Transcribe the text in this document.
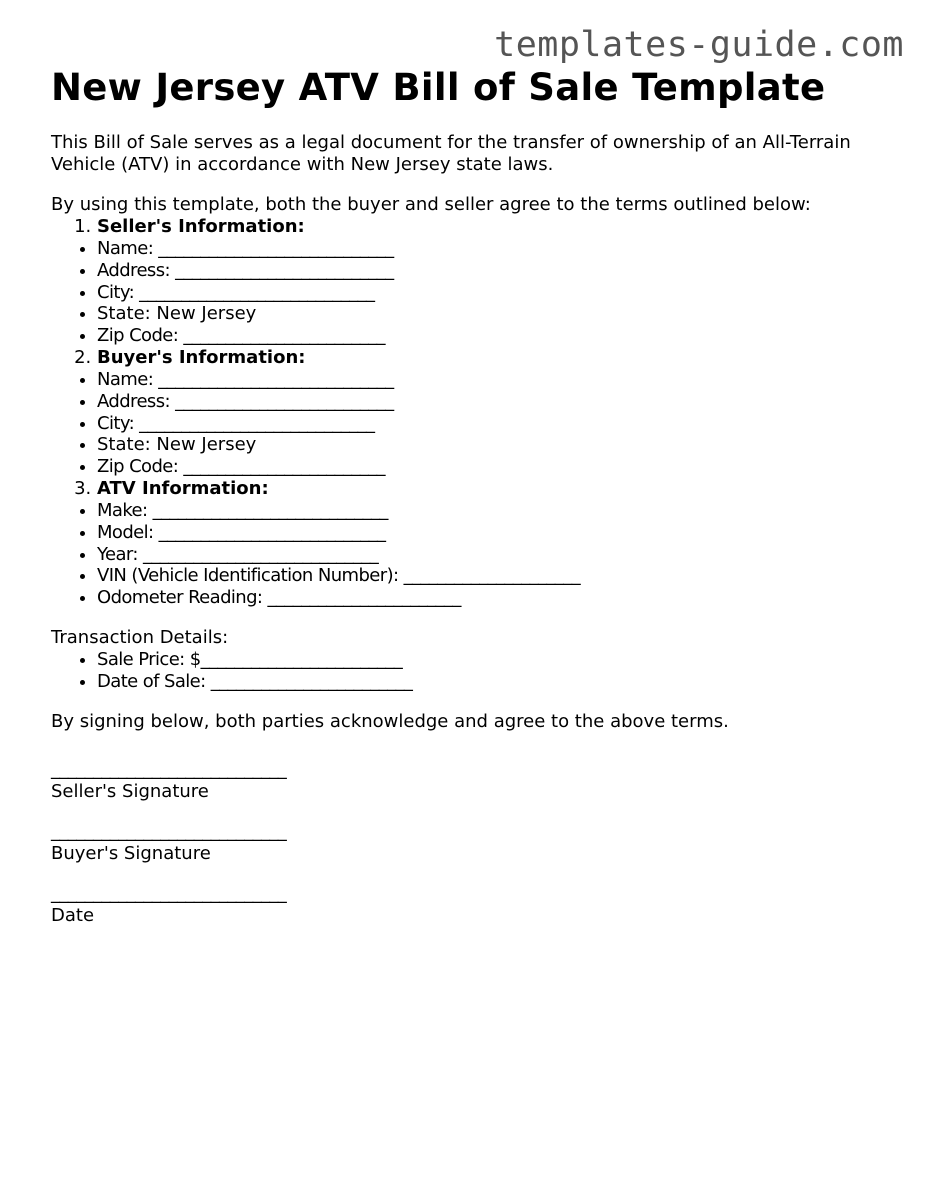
templates-guide.com
New Jersey ATV Bill of Sale Template

This Bill of Sale serves as a legal document for the transfer of ownership of an All-Terrain Vehicle (ATV) in accordance with New Jersey state laws.

By using this template, both the buyer and seller agree to the terms outlined below:

1. Seller's Information:
• Name: ____________________________
• Address: __________________________
• City: ____________________________
• State: New Jersey
• Zip Code: ________________________
2. Buyer's Information:
• Name: ____________________________
• Address: __________________________
• City: ____________________________
• State: New Jersey
• Zip Code: ________________________
3. ATV Information:
• Make: ____________________________
• Model: ___________________________
• Year: ____________________________
• VIN (Vehicle Identification Number): _____________________
• Odometer Reading: _______________________

Transaction Details:

• Sale Price: $________________________
• Date of Sale: ________________________

By signing below, both parties acknowledge and agree to the above terms.

____________________________
Seller's Signature
____________________________
Buyer's Signature
____________________________
Date
